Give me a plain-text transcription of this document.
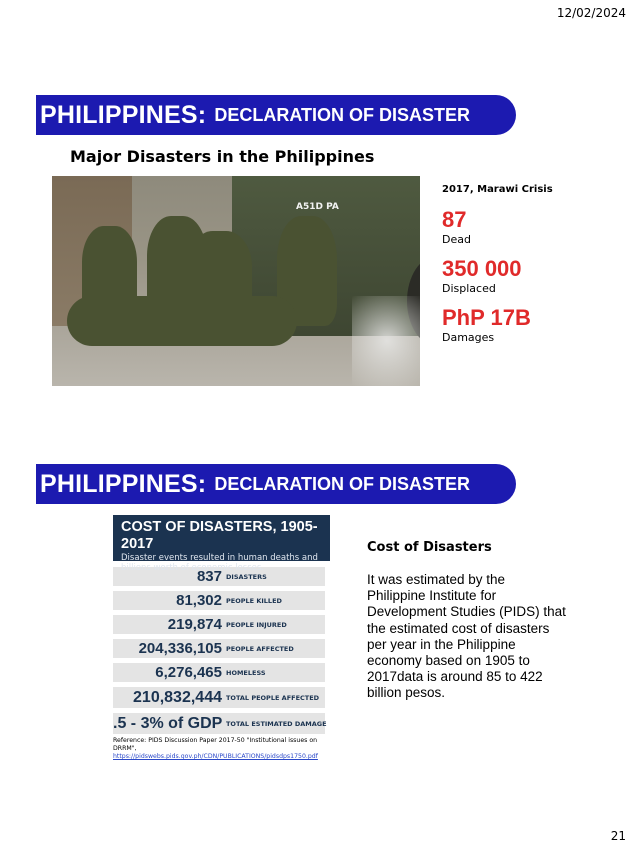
12/02/2024
PHILIPPINES: DECLARATION OF DISASTER
Major Disasters in the Philippines
A51D PA
2017, Marawi Crisis
87
Dead
350 000
Displaced
PhP 17B
Damages
PHILIPPINES: DECLARATION OF DISASTER
COST OF DISASTERS, 1905-2017
Disaster events resulted in human deaths and billions worth of economic losses.
837 DISASTERS
81,302 PEOPLE KILLED
219,874 PEOPLE INJURED
204,336,105 PEOPLE AFFECTED
6,276,465 HOMELESS
210,832,444 TOTAL PEOPLE AFFECTED
.5 - 3% of GDP TOTAL ESTIMATED DAMAGE
Reference: PIDS Discussion Paper 2017-50 "Institutional issues on DRRM",
https://pidswebs.pids.gov.ph/CDN/PUBLICATIONS/pidsdps1750.pdf
Cost of Disasters
It was estimated by the Philippine Institute for Development Studies (PIDS) that the estimated cost of disasters per year in the Philippine economy based on 1905 to 2017data is around 85 to 422 billion pesos.
21
